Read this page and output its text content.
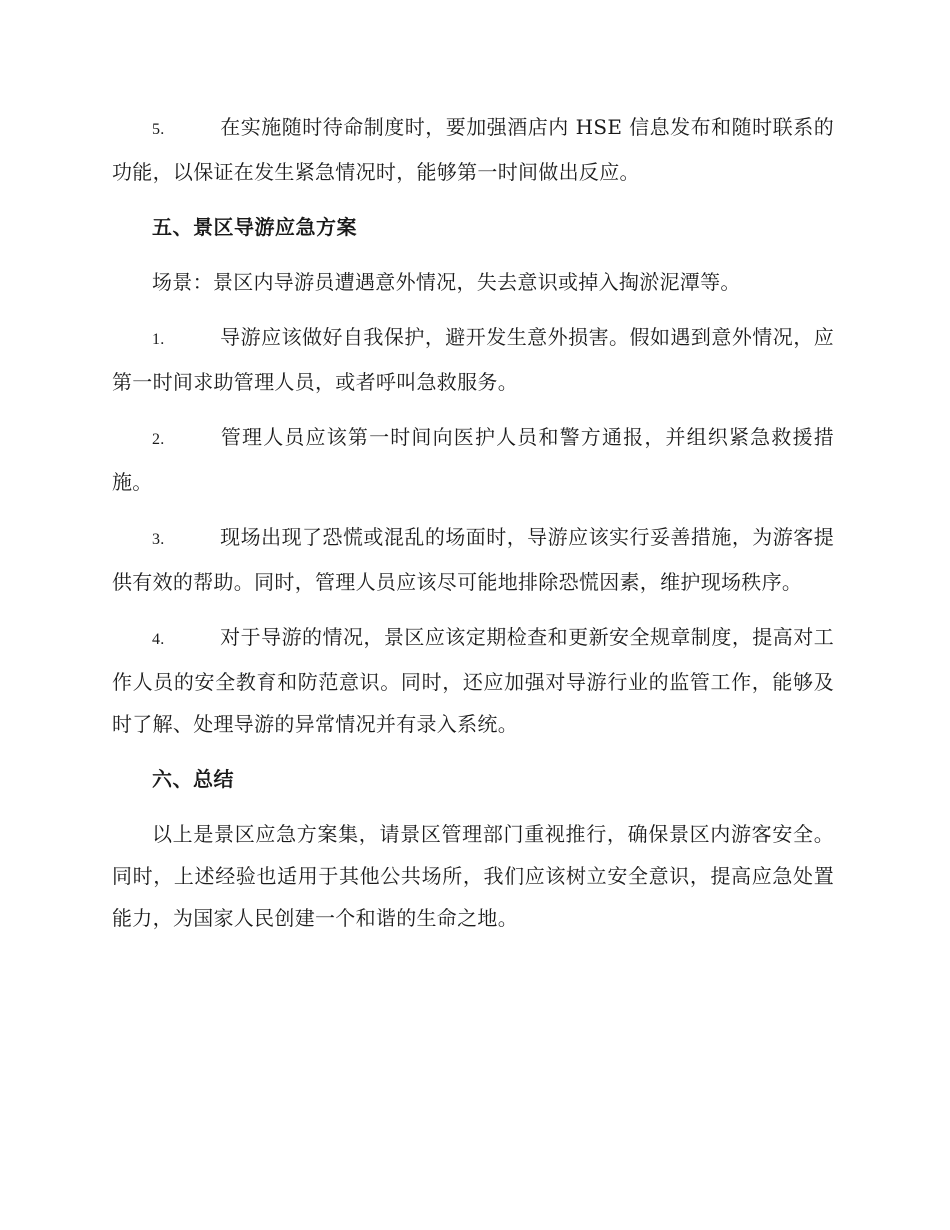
5.	在实施随时待命制度时，要加强酒店内 HSE 信息发布和随时联系的功能，以保证在发生紧急情况时，能够第一时间做出反应。

五、景区导游应急方案

场景：景区内导游员遭遇意外情况，失去意识或掉入掏淤泥潭等。

1.	导游应该做好自我保护，避开发生意外损害。假如遇到意外情况，应第一时间求助管理人员，或者呼叫急救服务。

2.	管理人员应该第一时间向医护人员和警方通报，并组织紧急救援措施。

3.	现场出现了恐慌或混乱的场面时，导游应该实行妥善措施，为游客提供有效的帮助。同时，管理人员应该尽可能地排除恐慌因素，维护现场秩序。

4.	对于导游的情况，景区应该定期检查和更新安全规章制度，提高对工作人员的安全教育和防范意识。同时，还应加强对导游行业的监管工作，能够及时了解、处理导游的异常情况并有录入系统。

六、总结

以上是景区应急方案集，请景区管理部门重视推行，确保景区内游客安全。同时，上述经验也适用于其他公共场所，我们应该树立安全意识，提高应急处置能力，为国家人民创建一个和谐的生命之地。
